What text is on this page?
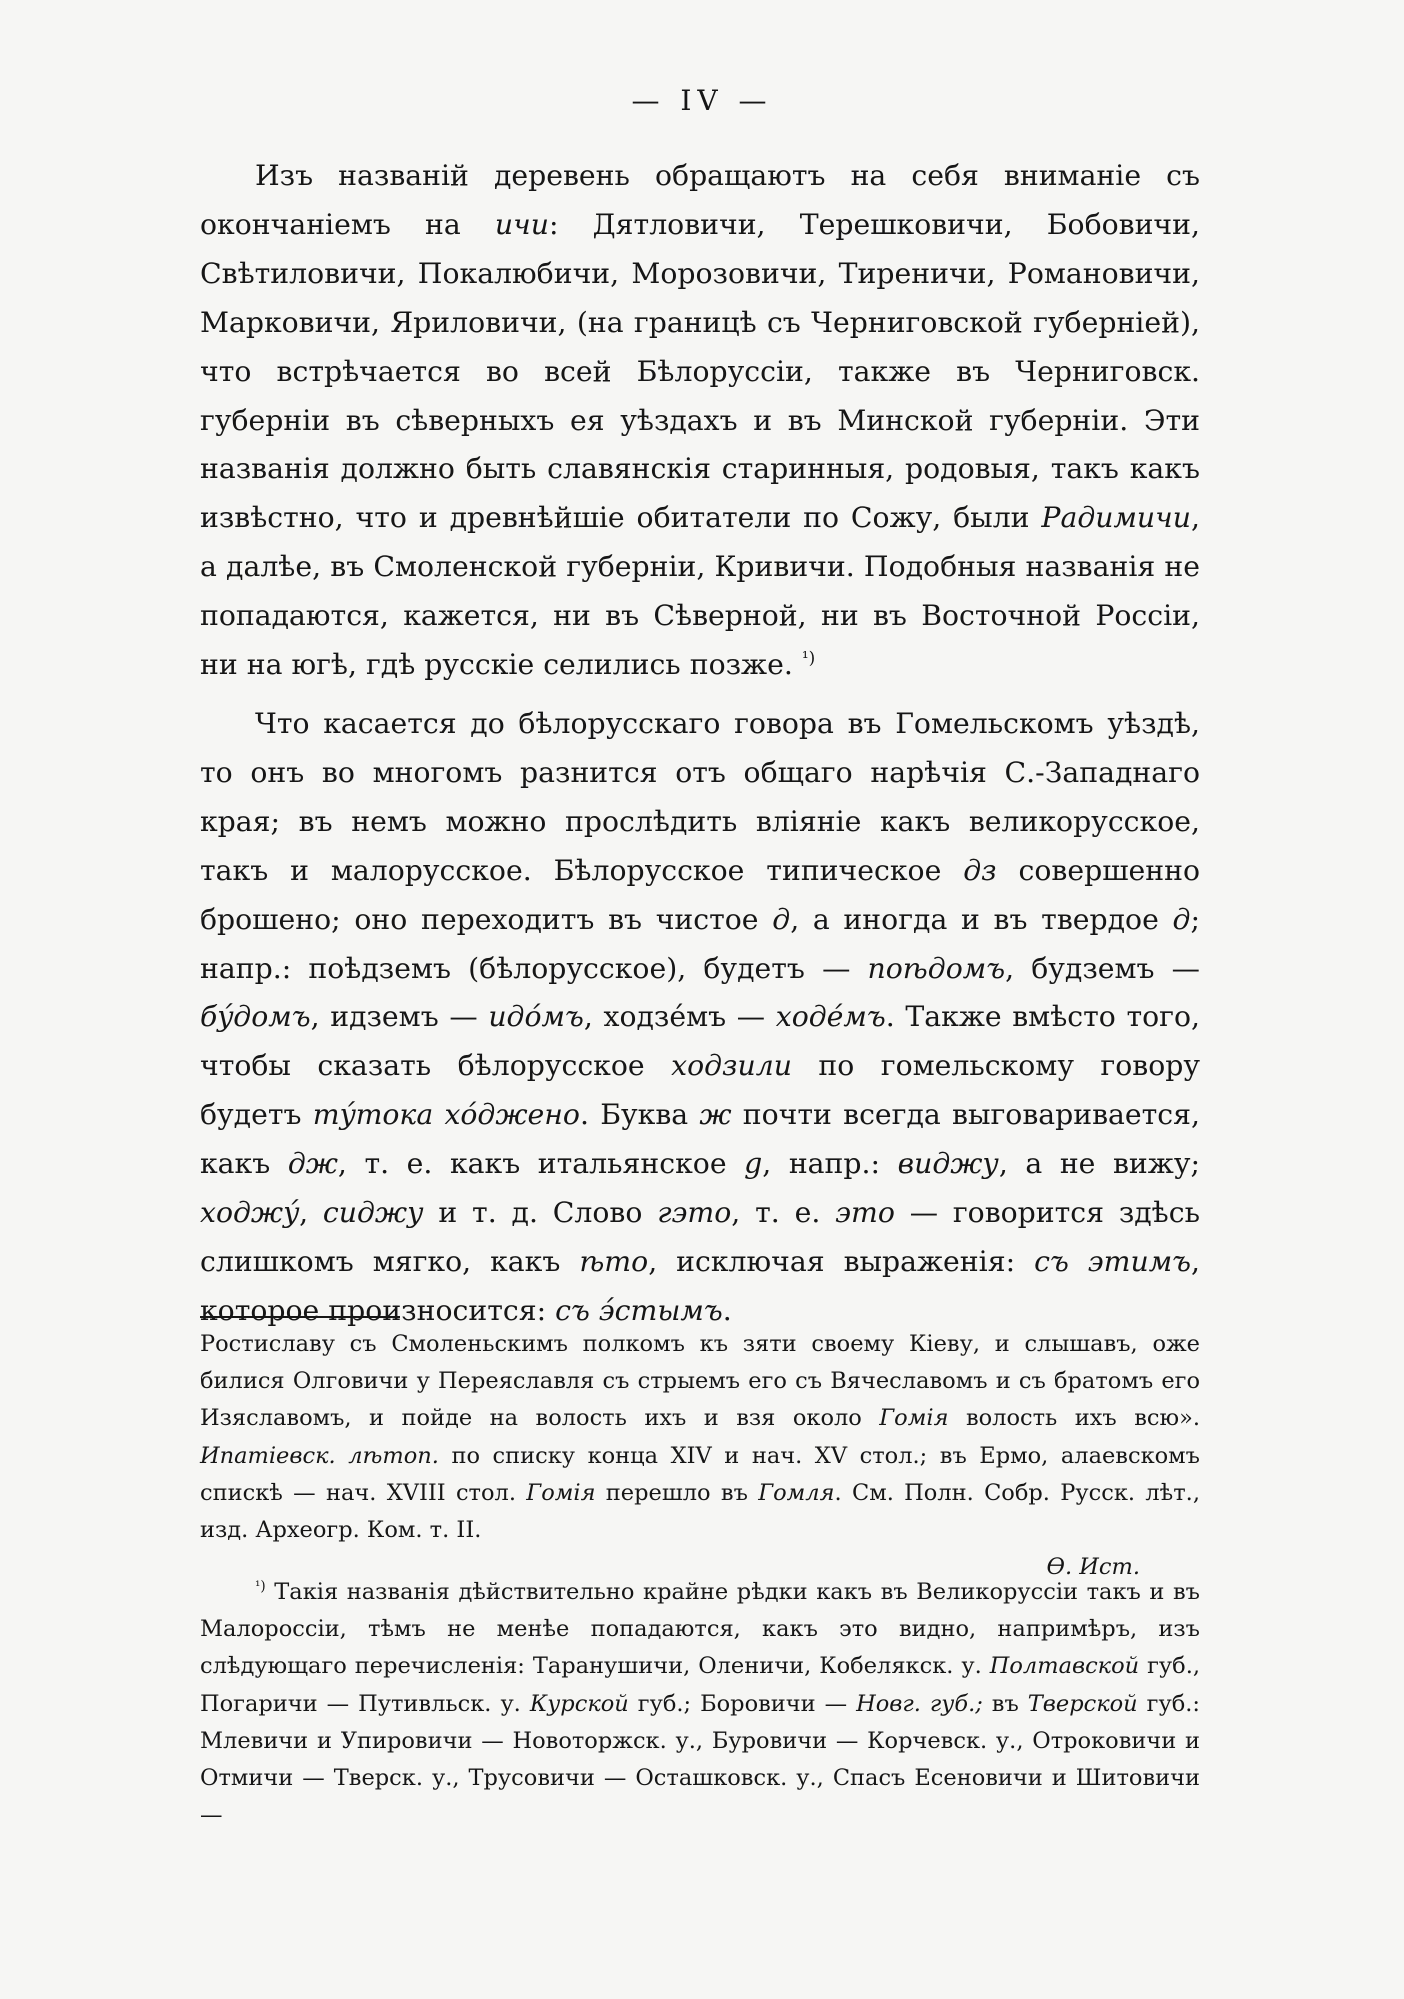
— IV —

Изъ названій деревень обращаютъ на себя вниманіе съ окончаніемъ на ичи: Дятловичи, Терешковичи, Бобовичи, Свѣтиловичи, Покалюбичи, Морозовичи, Тиреничи, Романовичи, Марковичи, Яриловичи, (на границѣ съ Черниговской губерніей), что встрѣчается во всей Бѣлоруссіи, также въ Черниговск. губерніи въ сѣверныхъ ея уѣздахъ и въ Минской губерніи. Эти названія должно быть славянскія старинныя, родовыя, такъ какъ извѣстно, что и древнѣйшіе обитатели по Сожу, были Радимичи, а далѣе, въ Смоленской губерніи, Кривичи. Подобныя названія не попадаются, кажется, ни въ Сѣверной, ни въ Восточной Россіи, ни на югѣ, гдѣ русскіе селились позже. $^{^1)}$

Что касается до бѣлорусскаго говора въ Гомельскомъ уѣздѣ, то онъ во многомъ разнится отъ общаго нарѣчія С.-Западнаго края; въ немъ можно прослѣдить вліяніе какъ великорусское, такъ и малорусское. Бѣлорусское типическое дз совершенно брошено; оно переходитъ въ чистое д, а иногда и въ твердое д; напр.: поѣдземъ (бѣлорусское), будетъ — поѣдомъ, будземъ — бýдомъ, идземъ — идóмъ, ходзéмъ — ходéмъ. Также вмѣсто того, чтобы сказать бѣлорусское ходзили по гомельскому говору будетъ тýтока хóджено. Буква ж почти всегда выговаривается, какъ дж, т. е. какъ итальянское g, напр.: виджу, а не вижу; ходжý, сиджу и т. д. Слово гэто, т. е. это — говорится здѣсь слишкомъ мягко, какъ ѣто, исключая выраженія: съ этимъ, которое произносится: съ э́стымъ.

Ростиславу съ Смоленьскимъ полкомъ къ зяти своему Кіеву, и слышавъ, оже билися Олговичи у Переяславля съ стрыемъ его съ Вячеславомъ и съ братомъ его Изяславомъ, и пойде на волость ихъ и взя около Гомія волость ихъ всю». Ипатіевск. лѣтоп. по списку конца XIV и нач. XV стол.; въ Ермо, алаевскомъ спискѣ — нач. XVIII стол. Гомія перешло въ Гомля. См. Полн. Собр. Русск. лѣт., изд. Археогр. Ком. т. II.
Ѳ. Ист.

$^{^1)}$ Такія названія дѣйствительно крайне рѣдки какъ въ Великоруссіи такъ и въ Малороссіи, тѣмъ не менѣе попадаются, какъ это видно, напримѣръ, изъ слѣдующаго перечисленія: Таранушичи, Оленичи, Кобелякск. у. Полтавской губ., Погаричи — Путивльск. у. Курской губ.; Боровичи — Новг. губ.; въ Тверской губ.: Млевичи и Упировичи — Новоторжск. у., Буровичи — Корчевск. у., Отроковичи и Отмичи — Тверск. у., Трусовичи — Осташковск. у., Спасъ Есеновичи и Шитовичи —
